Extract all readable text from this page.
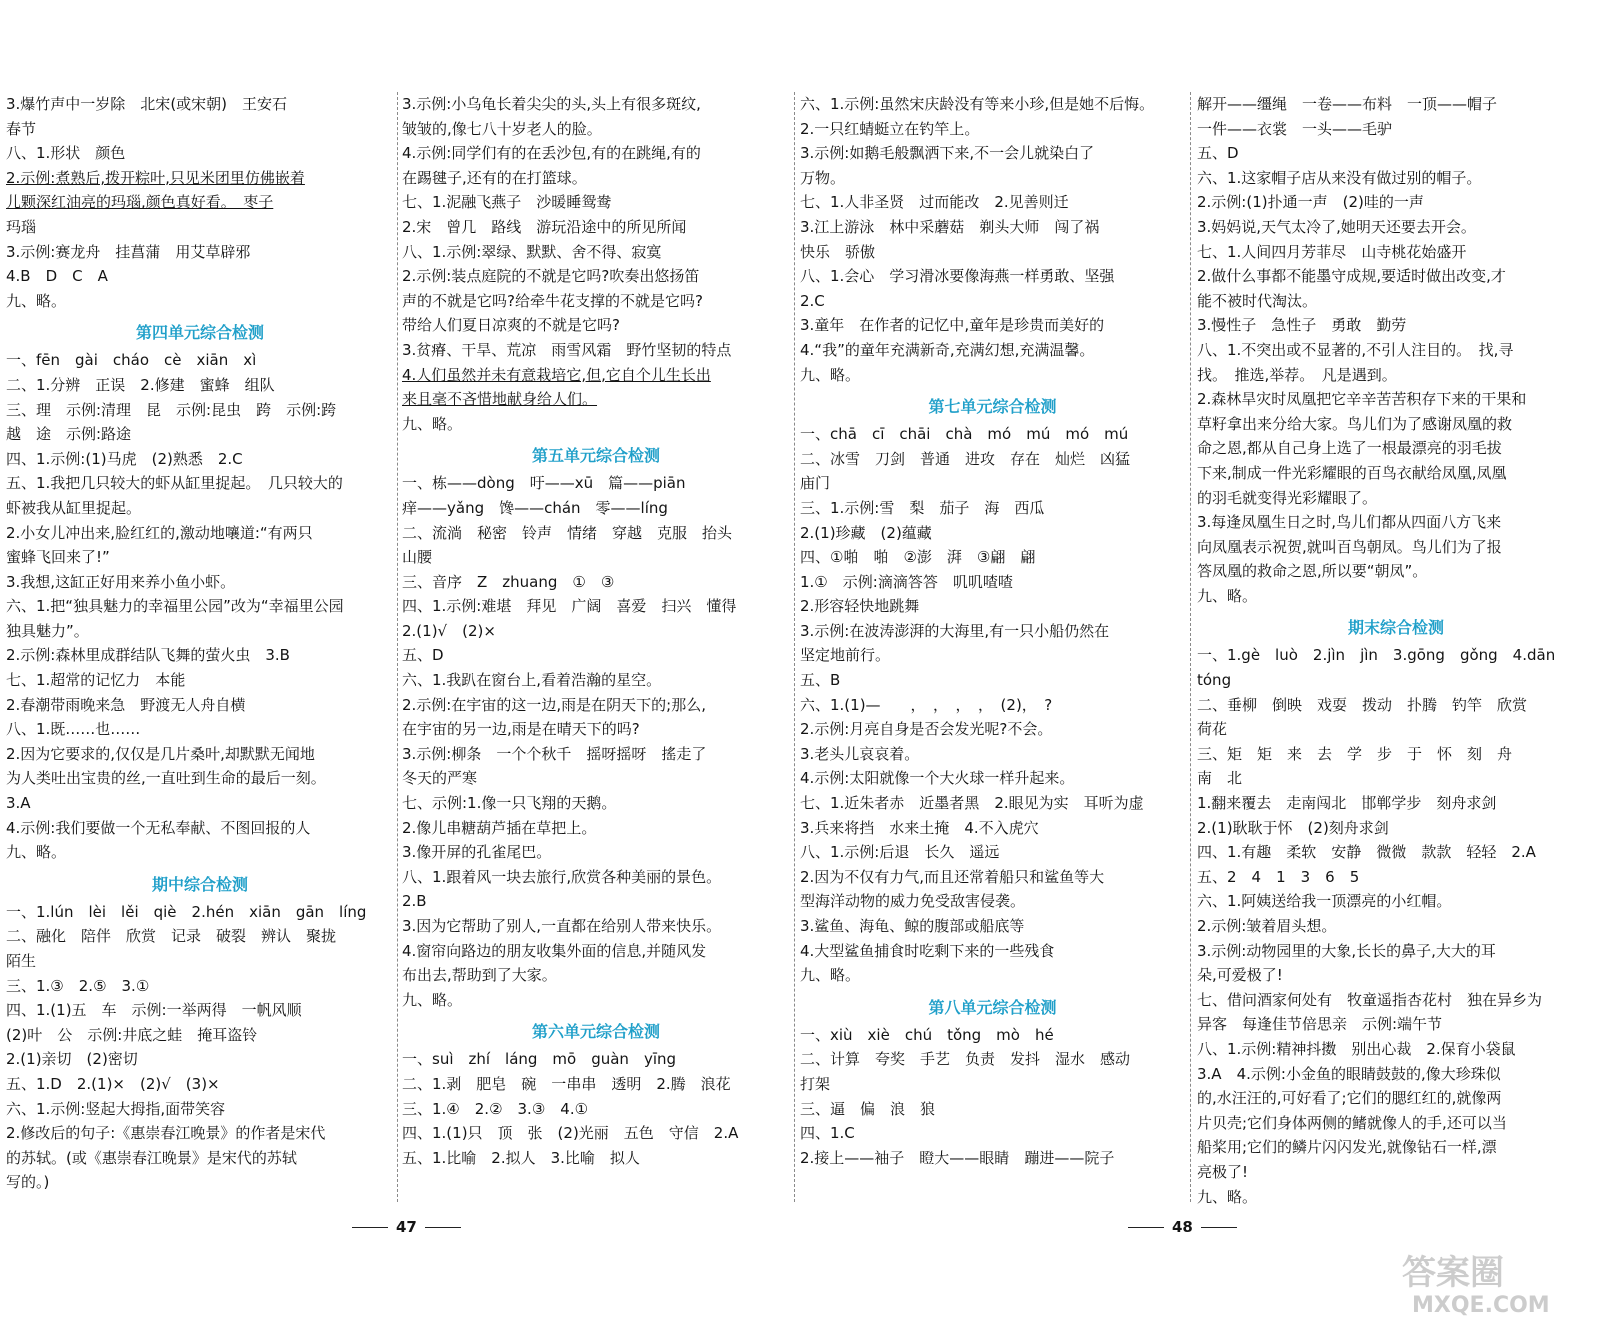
3.爆竹声中一岁除　北宋(或宋朝)　王安石
春节
八、1.形状　颜色
2.示例:煮熟后,拨开粽叶,只见米团里仿佛嵌着
儿颗深红油亮的玛瑙,颜色真好看。　枣子
玛瑙
3.示例:赛龙舟　挂菖蒲　用艾草辟邪
4.B　D　C　A
九、略。
第四单元综合检测
一、fēn　gài　cháo　cè　xiān　xì
二、1.分辨　正误　2.修建　蜜蜂　组队
三、理　示例:清理　昆　示例:昆虫　跨　示例:跨
越　途　示例:路途
四、1.示例:(1)马虎　(2)熟悉　2.C
五、1.我把几只较大的虾从缸里捉起。　几只较大的
虾被我从缸里捉起。
2.小女儿冲出来,脸红红的,激动地嚷道:“有两只
蜜蜂飞回来了!”
3.我想,这缸正好用来养小鱼小虾。
六、1.把“独具魅力的幸福里公园”改为“幸福里公园
独具魅力”。
2.示例:森林里成群结队飞舞的萤火虫　3.B
七、1.超常的记忆力　本能
2.春潮带雨晚来急　野渡无人舟自横
八、1.既……也……
2.因为它要求的,仅仅是几片桑叶,却默默无闻地
为人类吐出宝贵的丝,一直吐到生命的最后一刻。
3.A
4.示例:我们要做一个无私奉献、不图回报的人
九、略。
期中综合检测
一、1.lún　lèi　lěi　qiè　2.hén　xiān　gān　líng
二、融化　陪伴　欣赏　记录　破裂　辨认　聚拢
陌生
三、1.③　2.⑤　3.①
四、1.(1)五　车　示例:一举两得　一帆风顺
(2)叶　公　示例:井底之蛙　掩耳盗铃
2.(1)亲切　(2)密切
五、1.D　2.(1)×　(2)√　(3)×
六、1.示例:竖起大拇指,面带笑容
2.修改后的句子:《惠崇春江晚景》的作者是宋代
的苏轼。(或《惠崇春江晚景》是宋代的苏轼
写的。)
3.示例:小乌龟长着尖尖的头,头上有很多斑纹,
皱皱的,像七八十岁老人的脸。
4.示例:同学们有的在丢沙包,有的在跳绳,有的
在踢毽子,还有的在打篮球。
七、1.泥融飞燕子　沙暖睡鸳鸯
2.宋　曾几　路线　游玩沿途中的所见所闻
八、1.示例:翠绿、默默、舍不得、寂寞
2.示例:装点庭院的不就是它吗?吹奏出悠扬笛
声的不就是它吗?给牵牛花支撑的不就是它吗?
带给人们夏日凉爽的不就是它吗?
3.贫瘠、干旱、荒凉　雨雪风霜　野竹坚韧的特点
4.人们虽然并未有意栽培它,但,它自个儿生长出
来且毫不吝惜地献身给人们。
九、略。
第五单元综合检测
一、栋——dòng　吁——xū　篇——piān
痒——yǎng　馋——chán　零——líng
二、流淌　秘密　铃声　情绪　穿越　克服　抬头
山腰
三、音序　Z　zhuang　①　③
四、1.示例:难堪　拜见　广阔　喜爱　扫兴　懂得
2.(1)√　(2)×
五、D
六、1.我趴在窗台上,看着浩瀚的星空。
2.示例:在宇宙的这一边,雨是在阴天下的;那么,
在宇宙的另一边,雨是在晴天下的吗?
3.示例:柳条　一个个秋千　摇呀摇呀　搖走了
冬天的严寒
七、示例:1.像一只飞翔的天鹅。
2.像儿串糖葫芦插在草把上。
3.像开屏的孔雀尾巴。
八、1.跟着风一块去旅行,欣赏各种美丽的景色。
2.B
3.因为它帮助了别人,一直都在给别人带来快乐。
4.窗帘向路边的朋友收集外面的信息,并随风发
布出去,帮助到了大家。
九、略。
第六单元综合检测
一、suì　zhí　láng　mō　guàn　yīng
二、1.剥　肥皂　碗　一串串　透明　2.腾　浪花
三、1.④　2.②　3.③　4.①
四、1.(1)只　顶　张　(2)光丽　五色　守信　2.A
五、1.比喻　2.拟人　3.比喻　拟人
六、1.示例:虽然宋庆龄没有等来小珍,但是她不后悔。
2.一只红蜻蜓立在钓竿上。
3.示例:如鹅毛般飘洒下来,不一会儿就染白了
万物。
七、1.人非圣贤　过而能改　2.见善则迁
3.江上游泳　林中采蘑菇　剃头大师　闯了祸
快乐　骄傲
八、1.会心　学习滑冰要像海燕一样勇敢、坚强
2.C
3.童年　在作者的记忆中,童年是珍贵而美好的
4.“我”的童年充满新奇,充满幻想,充满温馨。
九、略。
第七单元综合检测
一、chā　cī　chāi　chà　mó　mú　mó　mú
二、冰雪　刀剑　普通　进攻　存在　灿烂　凶猛
庙门
三、1.示例:雪　梨　茄子　海　西瓜
2.(1)珍藏　(2)蕴藏
四、①啪　啪　②澎　湃　③翩　翩
1.①　示例:滴滴答答　叽叽喳喳
2.形容轻快地跳舞
3.示例:在波涛澎湃的大海里,有一只小船仍然在
坚定地前行。
五、B
六、1.(1)—　　，　，　，　，　(2)，　?
2.示例:月亮自身是否会发光呢?不会。
3.老头儿哀哀着。
4.示例:太阳就像一个大火球一样升起来。
七、1.近朱者赤　近墨者黑　2.眼见为实　耳听为虚
3.兵来将挡　水来土掩　4.不入虎穴
八、1.示例:后退　长久　遥远
2.因为不仅有力气,而且还常着船只和鲨鱼等大
型海洋动物的威力免受敌害侵袭。
3.鲨鱼、海龟、鲸的腹部或船底等
4.大型鲨鱼捕食时吃剩下来的一些残食
九、略。
第八单元综合检测
一、xiù　xiè　chú　tǒng　mò　hé
二、计算　夸奖　手艺　负责　发抖　湿水　感动
打架
三、逼　偏　浪　狼
四、1.C
2.接上——袖子　瞪大——眼睛　蹦进——院子
解开——缰绳　一卷——布料　一顶——帽子
一件——衣裳　一头——毛驴
五、D
六、1.这家帽子店从来没有做过别的帽子。
2.示例:(1)扑通一声　(2)哇的一声
3.妈妈说,天气太冷了,她明天还要去开会。
七、1.人间四月芳菲尽　山寺桃花始盛开
2.做什么事都不能墨守成规,要适时做出改变,才
能不被时代淘汰。
3.慢性子　急性子　勇敢　勤劳
八、1.不突出或不显著的,不引人注目的。　找,寻
找。　推选,举荐。　凡是遇到。
2.森林旱灾时凤凰把它辛辛苦苦积存下来的干果和
草籽拿出来分给大家。鸟儿们为了感谢凤凰的救
命之恩,都从自己身上选了一根最漂亮的羽毛拔
下来,制成一件光彩耀眼的百鸟衣献给凤凰,凤凰
的羽毛就变得光彩耀眼了。
3.每逢凤凰生日之时,鸟儿们都从四面八方飞来
向凤凰表示祝贺,就叫百鸟朝凤。鸟儿们为了报
答凤凰的救命之恩,所以要“朝凤”。
九、略。
期末综合检测
一、1.gè　luò　2.jìn　jìn　3.gōng　gǒng　4.dān
tóng
二、垂柳　倒映　戏耍　拨动　扑腾　钓竿　欣赏
荷花
三、矩　矩　来　去　学　步　于　怀　刻　舟
南　北
1.翻来覆去　走南闯北　邯郸学步　刻舟求剑
2.(1)耿耿于怀　(2)刻舟求剑
四、1.有趣　柔软　安静　微微　款款　轻轻　2.A
五、2　4　1　3　6　5
六、1.阿姨送给我一顶漂亮的小红帽。
2.示例:皱着眉头想。
3.示例:动物园里的大象,长长的鼻子,大大的耳
朵,可爱极了!
七、借问酒家何处有　牧童遥指杏花村　独在异乡为
异客　每逢佳节倍思亲　示例:端午节
八、1.示例:精神抖擞　别出心裁　2.保育小袋鼠
3.A　4.示例:小金鱼的眼睛鼓鼓的,像大珍珠似
的,水汪汪的,可好看了;它们的腮红红的,就像两
片贝壳;它们身体两侧的鳍就像人的手,还可以当
船桨用;它们的鳞片闪闪发光,就像钻石一样,漂
亮极了!
九、略。
47	48
答案圈
MXQE.COM
